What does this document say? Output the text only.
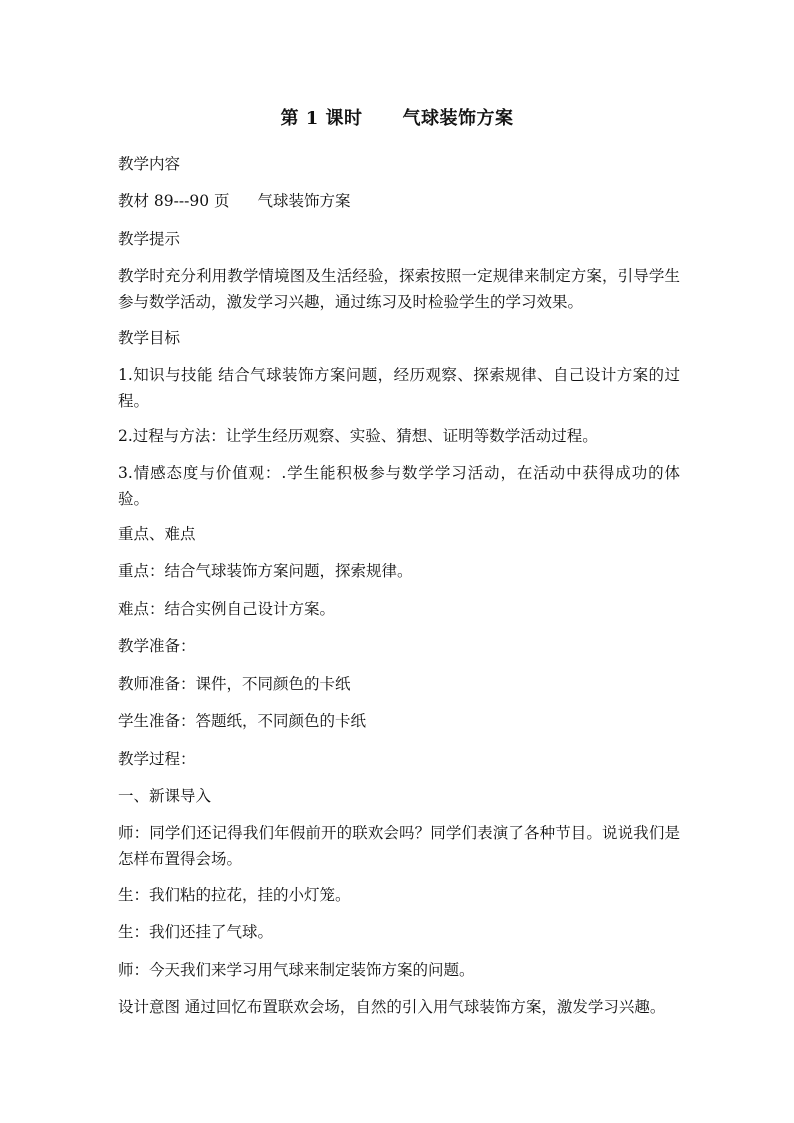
第 1 课时 气球装饰方案
教学内容
教材 89---90 页 气球装饰方案
教学提示
教学时充分利用教学情境图及生活经验，探索按照一定规律来制定方案，引导学生参与数学活动，激发学习兴趣，通过练习及时检验学生的学习效果。
教学目标
1.知识与技能 结合气球装饰方案问题，经历观察、探索规律、自己设计方案的过程。
2.过程与方法：让学生经历观察、实验、猜想、证明等数学活动过程。
3.情感态度与价值观：.学生能积极参与数学学习活动，在活动中获得成功的体验。
重点、难点
重点：结合气球装饰方案问题，探索规律。
难点：结合实例自己设计方案。
教学准备：
教师准备：课件，不同颜色的卡纸
学生准备：答题纸，不同颜色的卡纸
教学过程：
一、新课导入
师：同学们还记得我们年假前开的联欢会吗？同学们表演了各种节目。说说我们是怎样布置得会场。
生：我们粘的拉花，挂的小灯笼。
生：我们还挂了气球。
师：今天我们来学习用气球来制定装饰方案的问题。
设计意图 通过回忆布置联欢会场，自然的引入用气球装饰方案，激发学习兴趣。
